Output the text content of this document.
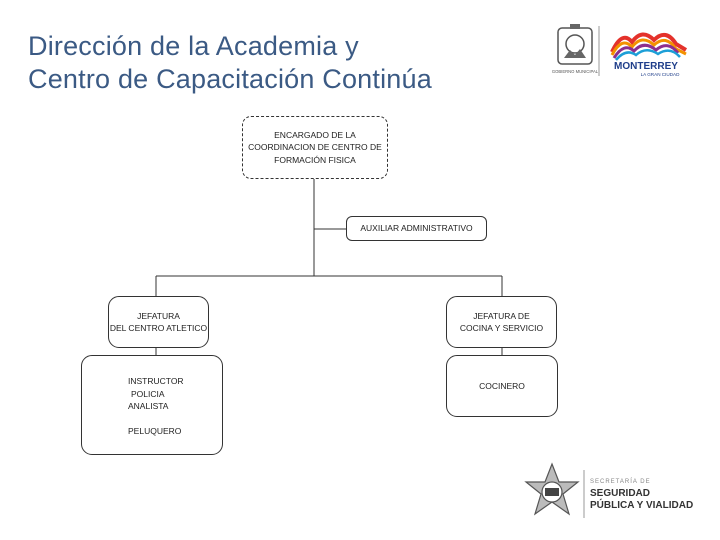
Dirección de la Academia y
Centro de Capacitación Continúa	GOBIERNO MUNICIPAL MONTERREY
LA GRAN CIUDAD
ENCARGADO DE LA
COORDINACION DE CENTRO DE
FORMACIÓN FISICA
AUXILIAR ADMINISTRATIVO
JEFATURA
DEL CENTRO ATLETICO
JEFATURA DE
COCINA Y SERVICIO
INSTRUCTOR
POLICIA
ANALISTA
PELUQUERO
COCINERO
SECRETARÍA DE
SEGURIDAD
PÚBLICA Y VIALIDAD
